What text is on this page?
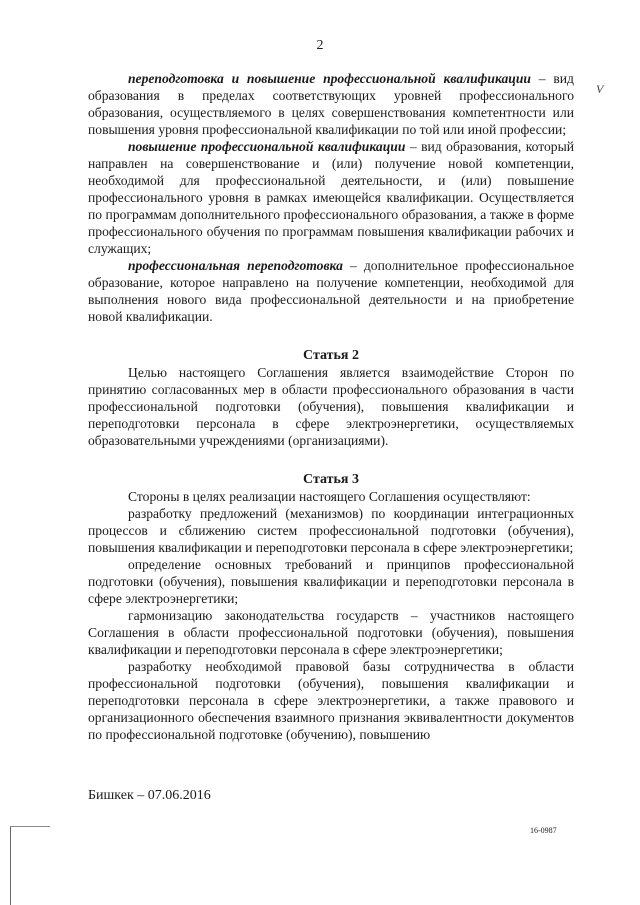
2
V

переподготовка и повышение профессиональной квалификации – вид образования в пределах соответствующих уровней профессионального образования, осуществляемого в целях совершенствования компетентности или повышения уровня профессиональной квалификации по той или иной профессии;

повышение профессиональной квалификации – вид образования, который направлен на совершенствование и (или) получение новой компетенции, необходимой для профессиональной деятельности, и (или) повышение профессионального уровня в рамках имеющейся квалификации. Осуществляется по программам дополнительного профессионального образования, а также в форме профессионального обучения по программам повышения квалификации рабочих и служащих;

профессиональная переподготовка – дополнительное профессиональное образование, которое направлено на получение компетенции, необходимой для выполнения нового вида профессиональной деятельности и на приобретение новой квалификации.

Статья 2

Целью настоящего Соглашения является взаимодействие Сторон по принятию согласованных мер в области профессионального образования в части профессиональной подготовки (обучения), повышения квалификации и переподготовки персонала в сфере электроэнергетики, осуществляемых образовательными учреждениями (организациями).

Статья 3

Стороны в целях реализации настоящего Соглашения осуществляют:

разработку предложений (механизмов) по координации интеграционных процессов и сближению систем профессиональной подготовки (обучения), повышения квалификации и переподготовки персонала в сфере электроэнергетики;

определение основных требований и принципов профессиональной подготовки (обучения), повышения квалификации и переподготовки персонала в сфере электроэнергетики;

гармонизацию законодательства государств – участников настоящего Соглашения в области профессиональной подготовки (обучения), повышения квалификации и переподготовки персонала в сфере электроэнергетики;

разработку необходимой правовой базы сотрудничества в области профессиональной подготовки (обучения), повышения квалификации и переподготовки персонала в сфере электроэнергетики, а также правового и организационного обеспечения взаимного признания эквивалентности документов по профессиональной подготовке (обучению), повышению

Бишкек – 07.06.2016
16-0987
